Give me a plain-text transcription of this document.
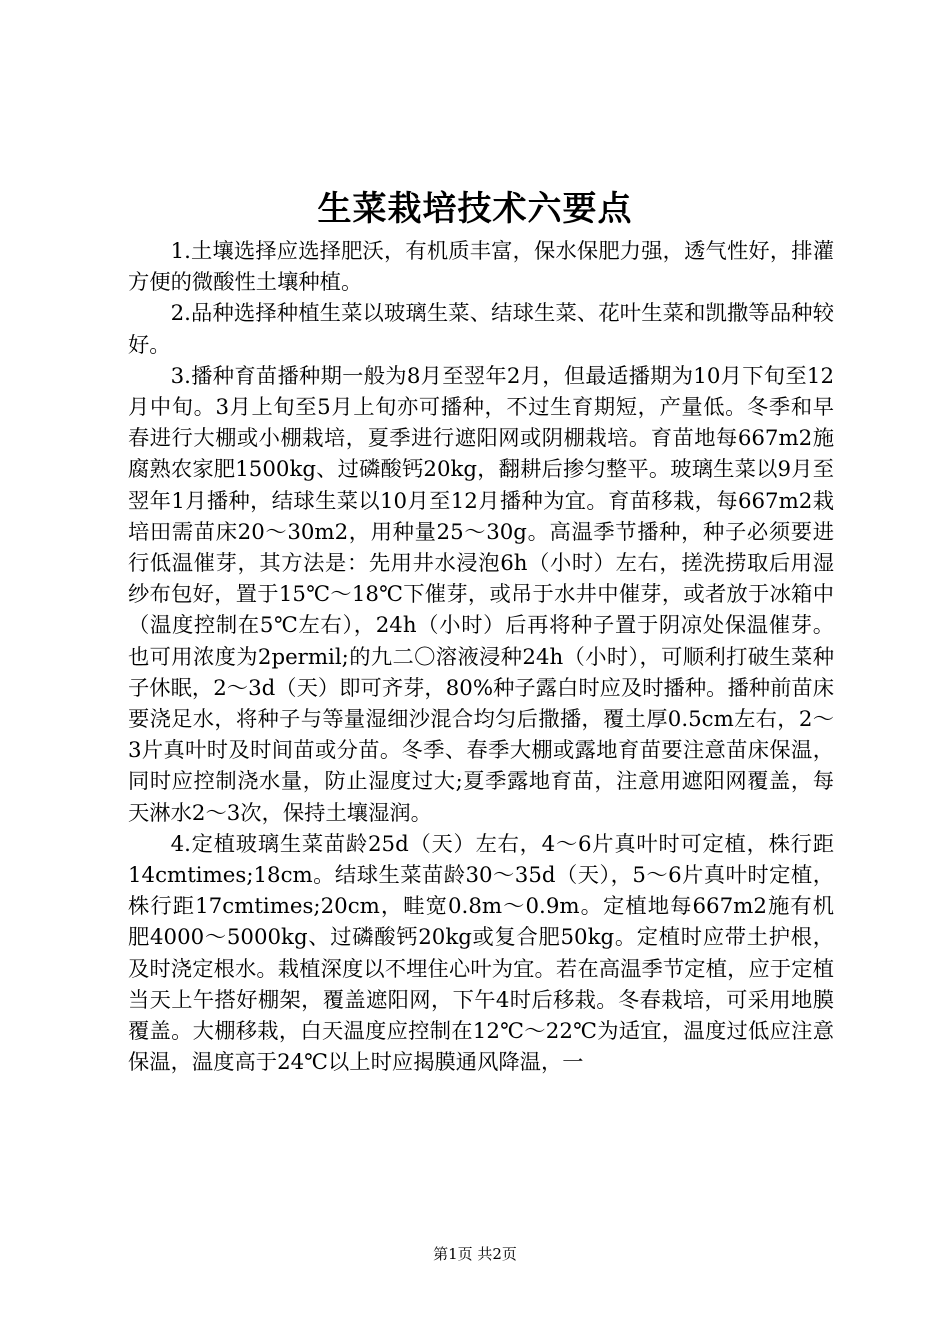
生菜栽培技术六要点

1.土壤选择应选择肥沃，有机质丰富，保水保肥力强，透气性好，排灌方便的微酸性土壤种植。

2.品种选择种植生菜以玻璃生菜、结球生菜、花叶生菜和凯撒等品种较好。

3.播种育苗播种期一般为8月至翌年2月，但最适播期为10月下旬至12月中旬。3月上旬至5月上旬亦可播种，不过生育期短，产量低。冬季和早春进行大棚或小棚栽培，夏季进行遮阳网或阴棚栽培。育苗地每667m2施腐熟农家肥1500kg、过磷酸钙20kg，翻耕后掺匀整平。玻璃生菜以9月至翌年1月播种，结球生菜以10月至12月播种为宜。育苗移栽，每667m2栽培田需苗床20～30m2，用种量25～30g。高温季节播种，种子必须要进行低温催芽，其方法是：先用井水浸泡6h（小时）左右，搓洗捞取后用湿纱布包好，置于15℃～18℃下催芽，或吊于水井中催芽，或者放于冰箱中（温度控制在5℃左右），24h（小时）后再将种子置于阴凉处保温催芽。也可用浓度为2permil;的九二〇溶液浸种24h（小时），可顺利打破生菜种子休眠，2～3d（天）即可齐芽，80%种子露白时应及时播种。播种前苗床要浇足水，将种子与等量湿细沙混合均匀后撒播，覆土厚0.5cm左右，2～3片真叶时及时间苗或分苗。冬季、春季大棚或露地育苗要注意苗床保温，同时应控制浇水量，防止湿度过大;夏季露地育苗，注意用遮阳网覆盖，每天淋水2～3次，保持土壤湿润。

4.定植玻璃生菜苗龄25d（天）左右，4～6片真叶时可定植，株行距14cmtimes;18cm。结球生菜苗龄30～35d（天），5～6片真叶时定植，株行距17cmtimes;20cm，畦宽0.8m～0.9m。定植地每667m2施有机肥4000～5000kg、过磷酸钙20kg或复合肥50kg。定植时应带土护根，及时浇定根水。栽植深度以不埋住心叶为宜。若在高温季节定植，应于定植当天上午搭好棚架，覆盖遮阳网，下午4时后移栽。冬春栽培，可采用地膜覆盖。大棚移栽，白天温度应控制在12℃～22℃为适宜，温度过低应注意保温，温度高于24℃以上时应揭膜通风降温，一

第1页 共2页
